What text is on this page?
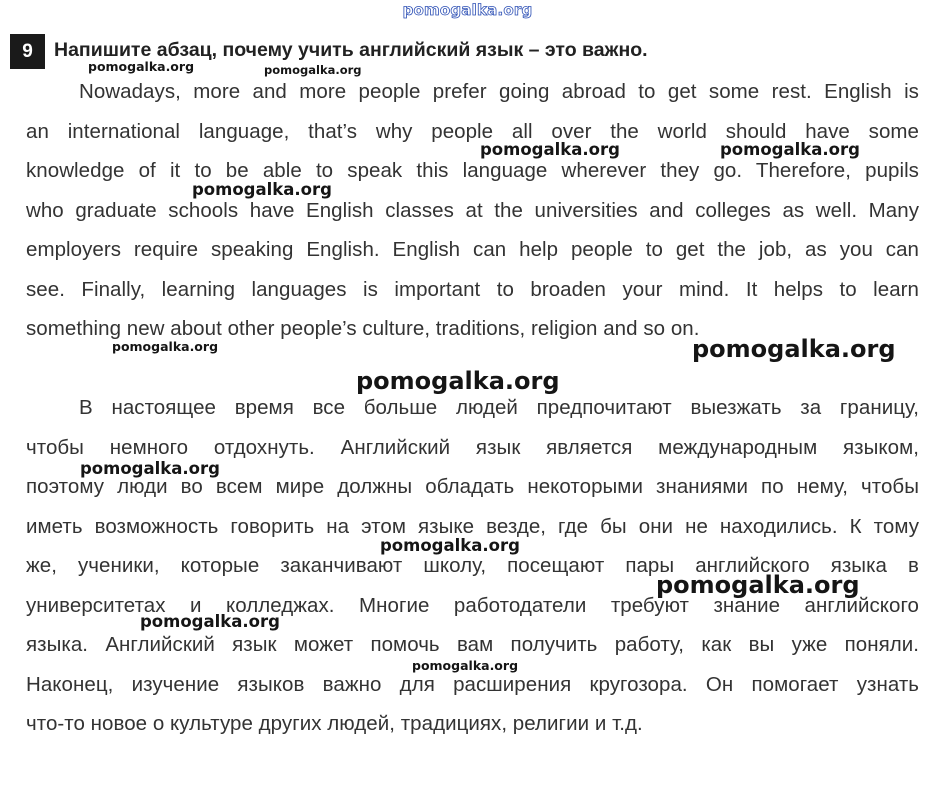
pomogalka.org
9	Напишите абзац, почему учить английский язык – это важно.
Nowadays, more and more people prefer going abroad to get some rest. English is
an international language, that’s why people all over the world should have some
knowledge of it to be able to speak this language wherever they go. Therefore, pupils
who graduate schools have English classes at the universities and colleges as well. Many
employers require speaking English. English can help people to get the job, as you can
see. Finally, learning languages is important to broaden your mind. It helps to learn
something new about other people’s culture, traditions, religion and so on.
В настоящее время все больше людей предпочитают выезжать за границу,
чтобы немного отдохнуть. Английский язык является международным языком,
поэтому люди во всем мире должны обладать некоторыми знаниями по нему, чтобы
иметь возможность говорить на этом языке везде, где бы они не находились. К тому
же, ученики, которые заканчивают школу, посещают пары английского языка в
университетах и колледжах. Многие работодатели требуют знание английского
языка. Английский язык может помочь вам получить работу, как вы уже поняли.
Наконец, изучение языков важно для расширения кругозора. Он помогает узнать
что-то новое о культуре других людей, традициях, религии и т.д.
pomogalka.org	pomogalka.org
pomogalka.org	pomogalka.org
pomogalka.org
pomogalka.org	pomogalka.org
pomogalka.org
pomogalka.org
pomogalka.org
pomogalka.org
pomogalka.org
pomogalka.org
